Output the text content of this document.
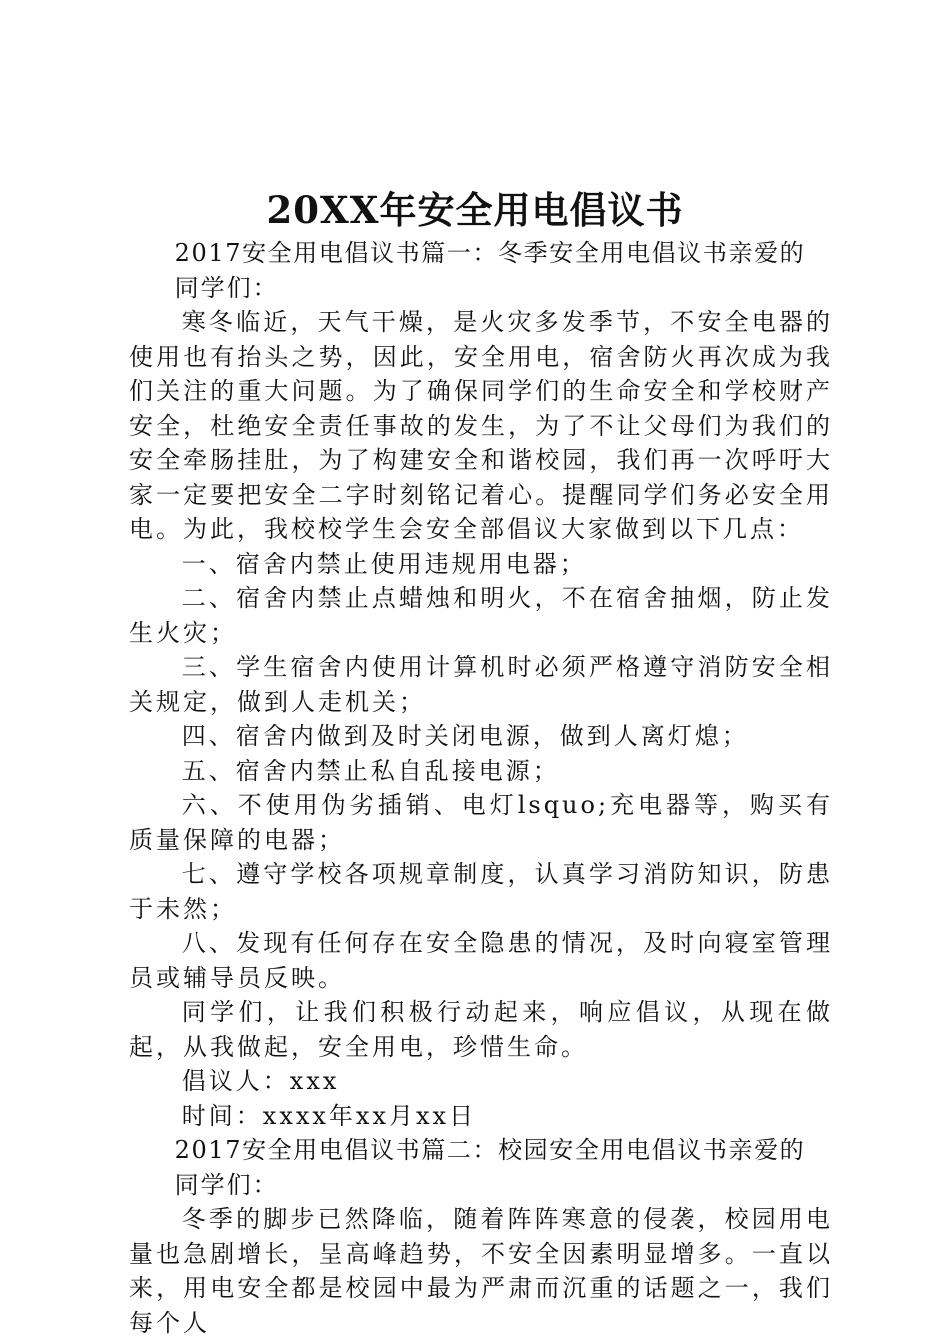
20XX年安全用电倡议书

2017安全用电倡议书篇一：冬季安全用电倡议书亲爱的

同学们：

寒冬临近，天气干燥，是火灾多发季节，不安全电器的使用也有抬头之势，因此，安全用电，宿舍防火再次成为我们关注的重大问题。为了确保同学们的生命安全和学校财产安全，杜绝安全责任事故的发生，为了不让父母们为我们的安全牵肠挂肚，为了构建安全和谐校园，我们再一次呼吁大家一定要把安全二字时刻铭记着心。提醒同学们务必安全用电。为此，我校校学生会安全部倡议大家做到以下几点：

一、宿舍内禁止使用违规用电器；

二、宿舍内禁止点蜡烛和明火，不在宿舍抽烟，防止发生火灾；

三、学生宿舍内使用计算机时必须严格遵守消防安全相关规定，做到人走机关；

四、宿舍内做到及时关闭电源，做到人离灯熄；

五、宿舍内禁止私自乱接电源；

六、不使用伪劣插销、电灯lsquo;充电器等，购买有质量保障的电器；

七、遵守学校各项规章制度，认真学习消防知识，防患于未然；

八、发现有任何存在安全隐患的情况，及时向寝室管理员或辅导员反映。

同学们，让我们积极行动起来，响应倡议，从现在做起，从我做起，安全用电，珍惜生命。

倡议人：xxx

时间：xxxx年xx月xx日

2017安全用电倡议书篇二：校园安全用电倡议书亲爱的

同学们：

冬季的脚步已然降临，随着阵阵寒意的侵袭，校园用电量也急剧增长，呈高峰趋势，不安全因素明显增多。一直以来，用电安全都是校园中最为严肃而沉重的话题之一，我们每个人
